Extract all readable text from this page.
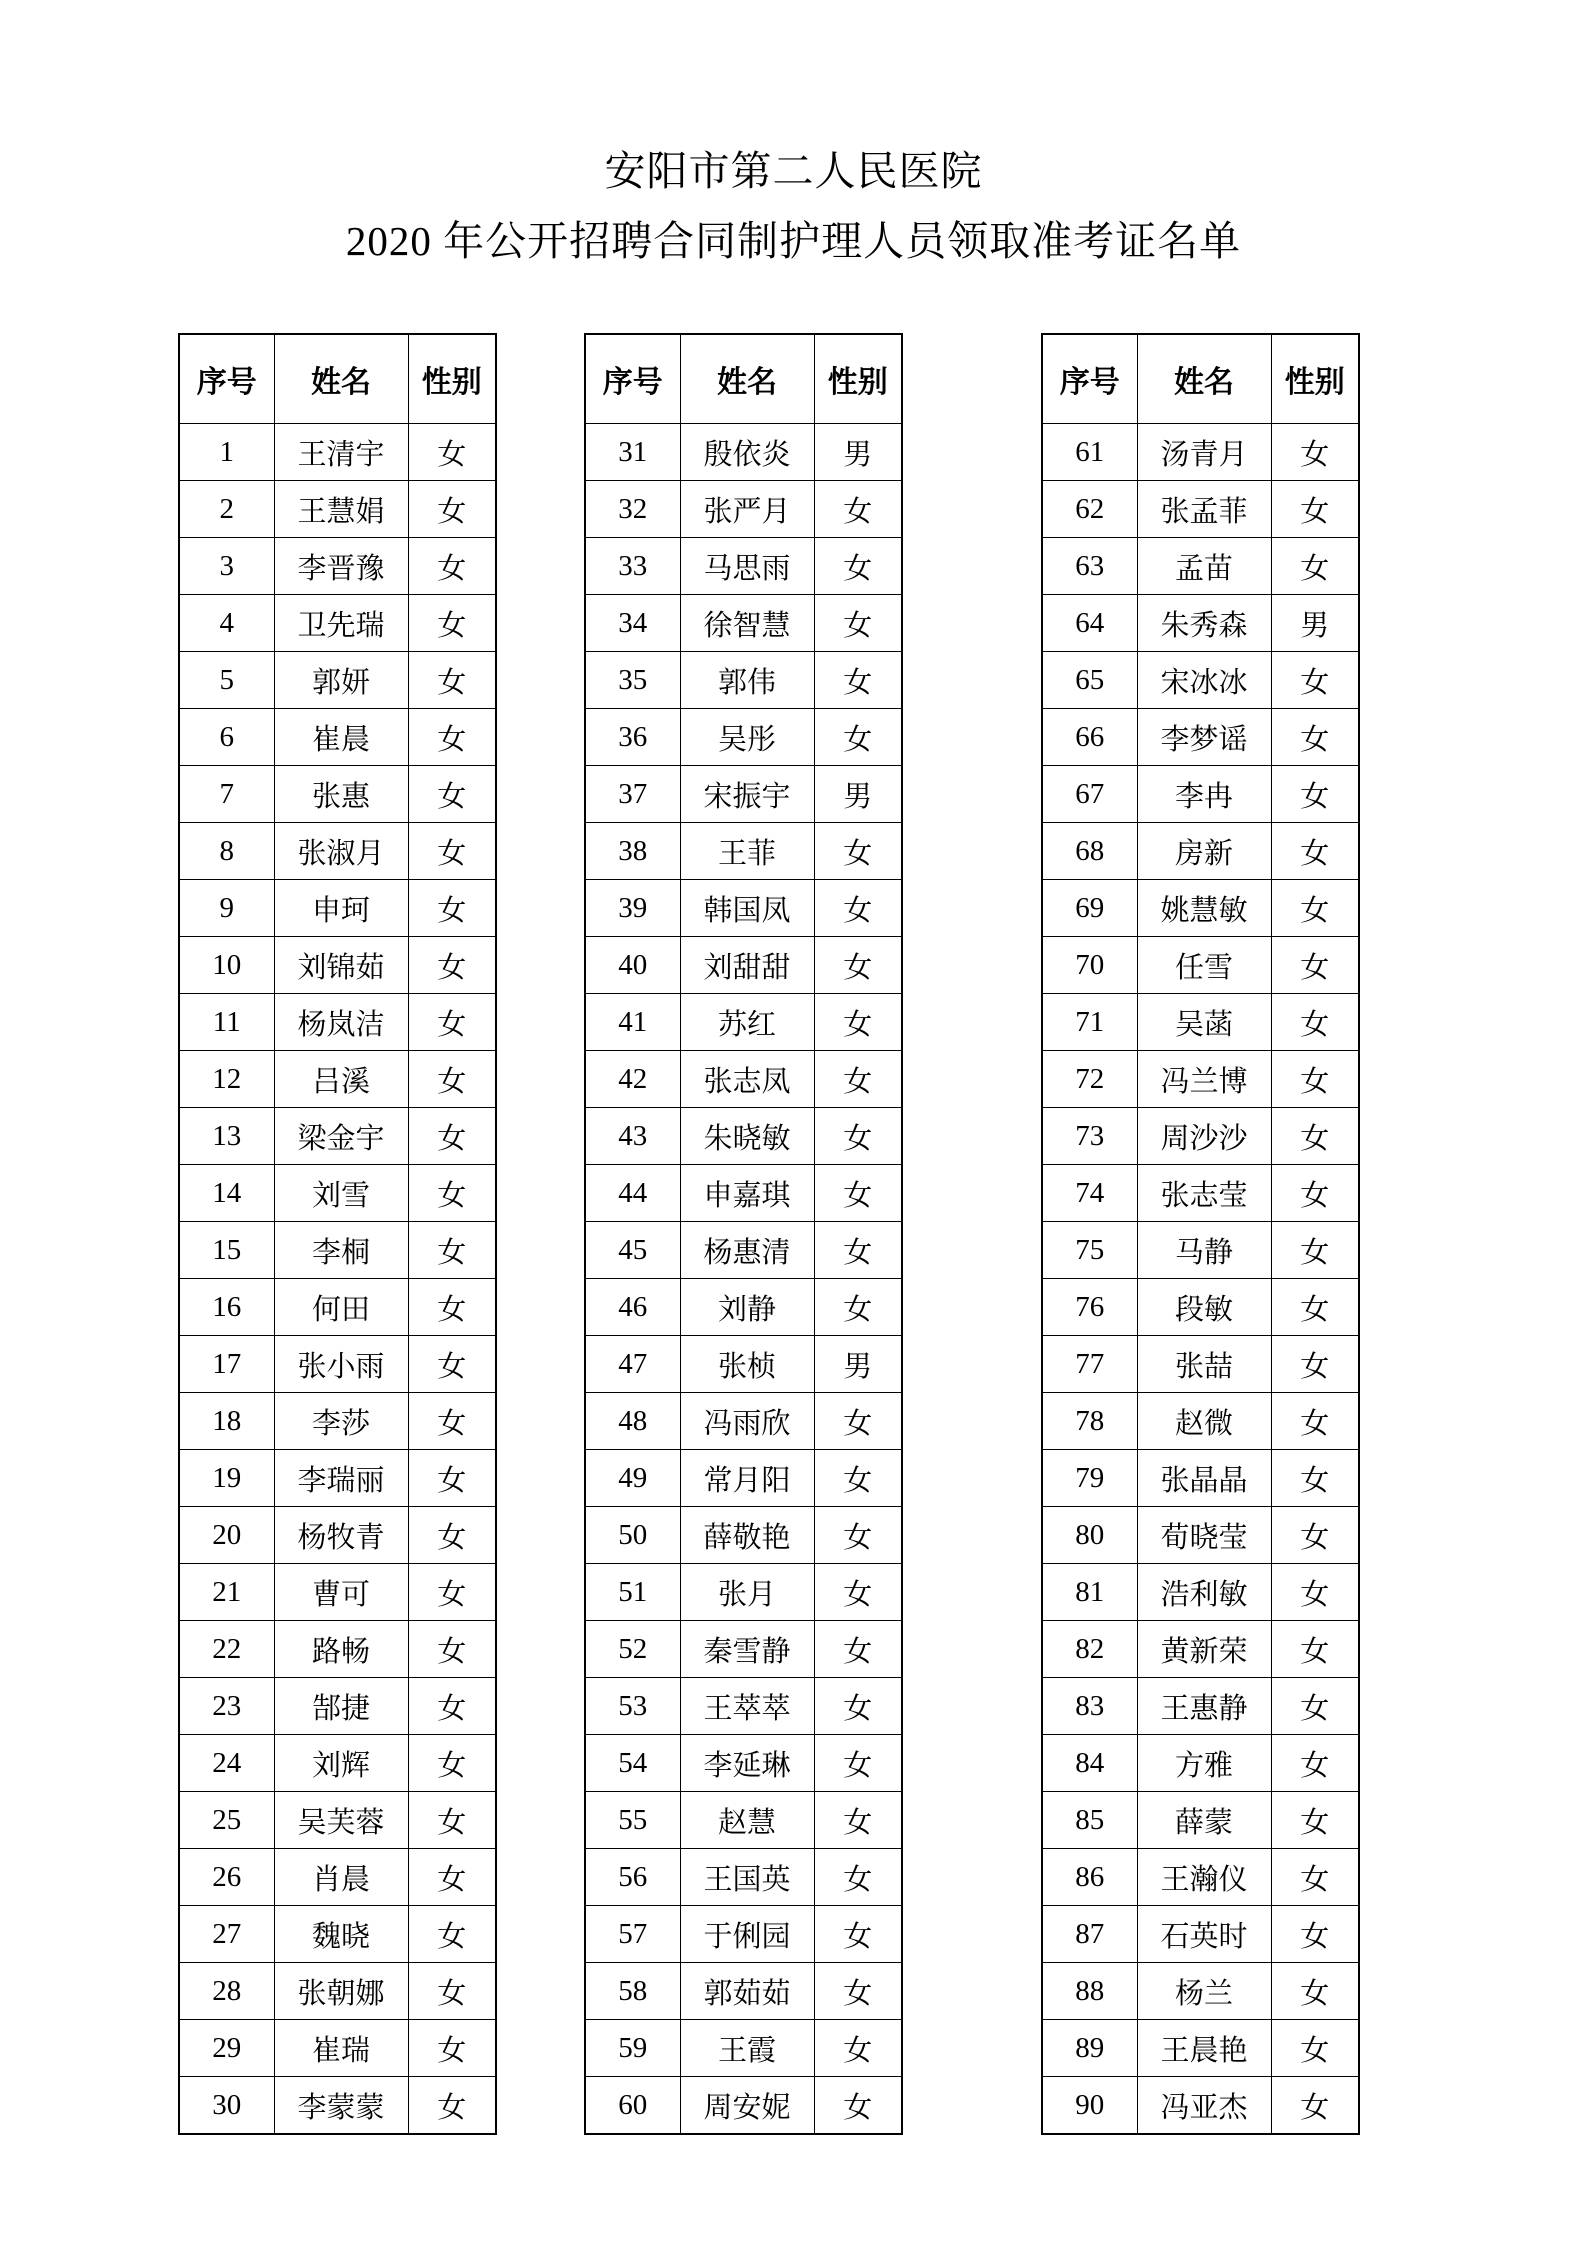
安阳市第二人民医院
2020 年公开招聘合同制护理人员领取准考证名单
序号	姓名	性别
1	王清宇	女
2	王慧娟	女
3	李晋豫	女
4	卫先瑞	女
5	郭妍	女
6	崔晨	女
7	张惠	女
8	张淑月	女
9	申珂	女
10	刘锦茹	女
11	杨岚洁	女
12	吕溪	女
13	梁金宇	女
14	刘雪	女
15	李桐	女
16	何田	女
17	张小雨	女
18	李莎	女
19	李瑞丽	女
20	杨牧青	女
21	曹可	女
22	路畅	女
23	郜捷	女
24	刘辉	女
25	吴芙蓉	女
26	肖晨	女
27	魏晓	女
28	张朝娜	女
29	崔瑞	女
30	李蒙蒙	女
序号	姓名	性别
31	殷依炎	男
32	张严月	女
33	马思雨	女
34	徐智慧	女
35	郭伟	女
36	吴彤	女
37	宋振宇	男
38	王菲	女
39	韩国凤	女
40	刘甜甜	女
41	苏红	女
42	张志凤	女
43	朱晓敏	女
44	申嘉琪	女
45	杨惠清	女
46	刘静	女
47	张桢	男
48	冯雨欣	女
49	常月阳	女
50	薛敬艳	女
51	张月	女
52	秦雪静	女
53	王萃萃	女
54	李延琳	女
55	赵慧	女
56	王国英	女
57	于俐园	女
58	郭茹茹	女
59	王霞	女
60	周安妮	女
序号	姓名	性别
61	汤青月	女
62	张孟菲	女
63	孟苗	女
64	朱秀森	男
65	宋冰冰	女
66	李梦谣	女
67	李冉	女
68	房新	女
69	姚慧敏	女
70	任雪	女
71	吴菡	女
72	冯兰博	女
73	周沙沙	女
74	张志莹	女
75	马静	女
76	段敏	女
77	张喆	女
78	赵微	女
79	张晶晶	女
80	荀晓莹	女
81	浩利敏	女
82	黄新荣	女
83	王惠静	女
84	方雅	女
85	薛蒙	女
86	王瀚仪	女
87	石英时	女
88	杨兰	女
89	王晨艳	女
90	冯亚杰	女
